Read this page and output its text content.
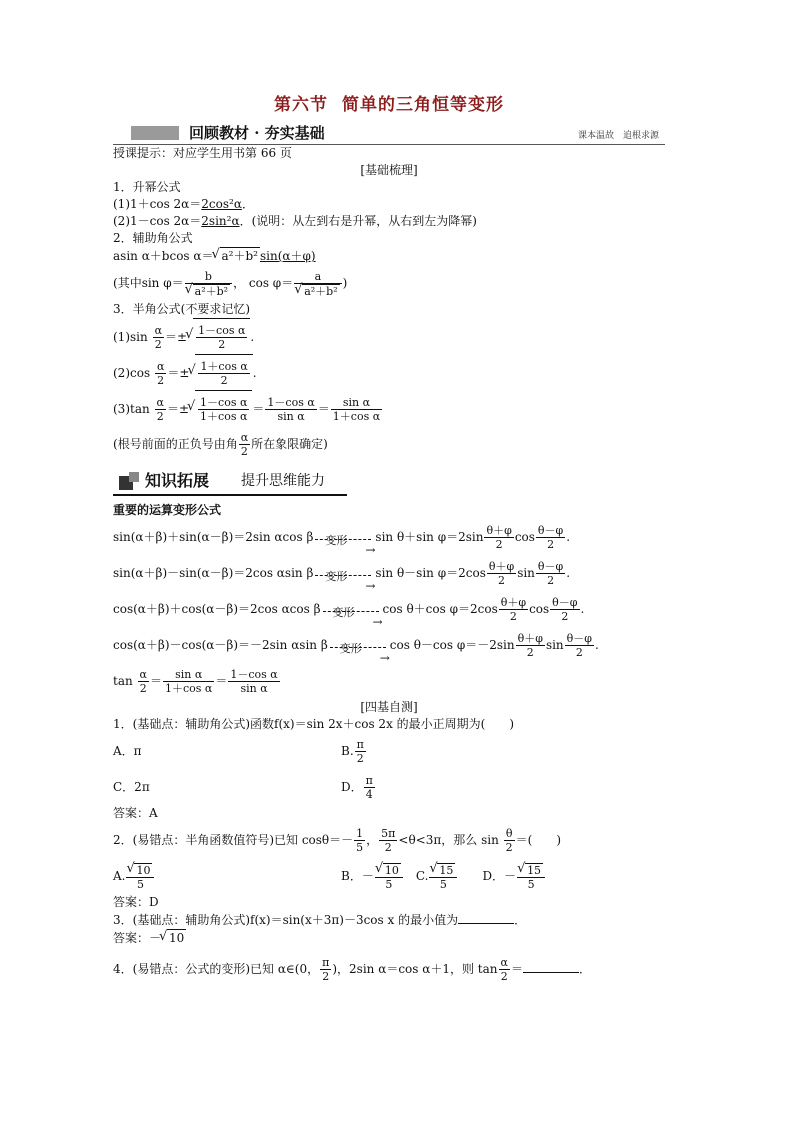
第六节 简单的三角恒等变形
回顾教材 · 夯实基础	课本温故　追根求源
授课提示：对应学生用书第 66 页
[基础梳理]
1．升幂公式
(1)1＋cos 2α＝2cos²α．
(2)1－cos 2α＝2sin²α．(说明：从左到右是升幂，从右到左为降幂)
2．辅助角公式
asin α＋bcos α＝ √ a²＋b² sin(α＋φ)
(其中sin φ＝ b
√ a²＋b² ， cos φ＝ a
√ a²＋b² )
3．半角公式(不要求记忆)
$(1)\sin \frac{\alpha}{2}$ ＝± √ $\frac{\text{1－cos α}}{2}$ .
$(2)\cos \frac{\alpha}{2}$ ＝± √ $\frac{\text{1＋cos α}}{2}$ .
$(3)\tan \frac{\alpha}{2}$ ＝± √ $\frac{\text{1－cos α}}{\text{1＋cos α}} = \frac{\text{1－cos α}}{\text{sin α}} = \frac{\text{sin α}}{\text{1＋cos α}}$
(根号前面的正负号由角 $\frac{\alpha}{2}$ 所在象限确定)
知识拓展 提升思维能力
重要的运算变形公式
sin(α＋β)＋sin(α－β)＝2sin αcos β 变形
→
sin θ＋sin $\varphi=2\sin \frac{\theta+\varphi}{2}$ $\cos \frac{\theta-\varphi}{2}$ .
sin(α＋β)－sin(α－β)＝2cos αsin β 变形
→
sin θ－sin $\varphi=2\cos \frac{\theta+\varphi}{2}$ $\sin \frac{\theta-\varphi}{2}$ .
cos(α＋β)＋cos(α－β)＝2cos αcos β 变形
→
cos θ＋cos $\varphi=2\cos \frac{\theta+\varphi}{2}$ $\cos \frac{\theta-\varphi}{2}$ .
cos(α＋β)－cos(α－β)＝－2sin αsin β 变形
→
cos θ－cos $\varphi=-2\sin \frac{\theta+\varphi}{2}$ $\sin \frac{\theta-\varphi}{2}$ .
$\tan \frac{\alpha}{2} = \frac{\text{sin α}}{\text{1＋cos α}} = \frac{\text{1－cos α}}{\text{sin α}}$
[四基自测]
1．(基础点：辅助角公式)函数f(x)＝sin 2x＋cos 2x 的最小正周期为(　　)
A．π	B. $\frac{\pi}{2}$
C．2π	D． $\frac{\pi}{4}$
答案：A
2．(易错点：半角函数值符号)已知 $\cos\theta=- \frac{1}{5}$ ， $\frac{5\pi}{2} <\theta<3\pi$，那么 $\sin \frac{\theta}{2}$ ＝(　　)
A. √ $\frac{10}{5}$	B．－ √ $\frac{10}{5}$
　 C. √ $\frac{15}{5}$
　　 D．－ √ $\frac{15}{5}$
答案：D
3．(基础点：辅助角公式)f(x)＝sin(x＋3π)－3cos x 的最小值为	．
答案：－ √ 10
4．(易错点：公式的变形)已知 α∈(0， $\frac{\pi}{2}$ )，2sin α＝cos α＋1，则 $\tan \frac{\alpha}{2}$ ＝	．
